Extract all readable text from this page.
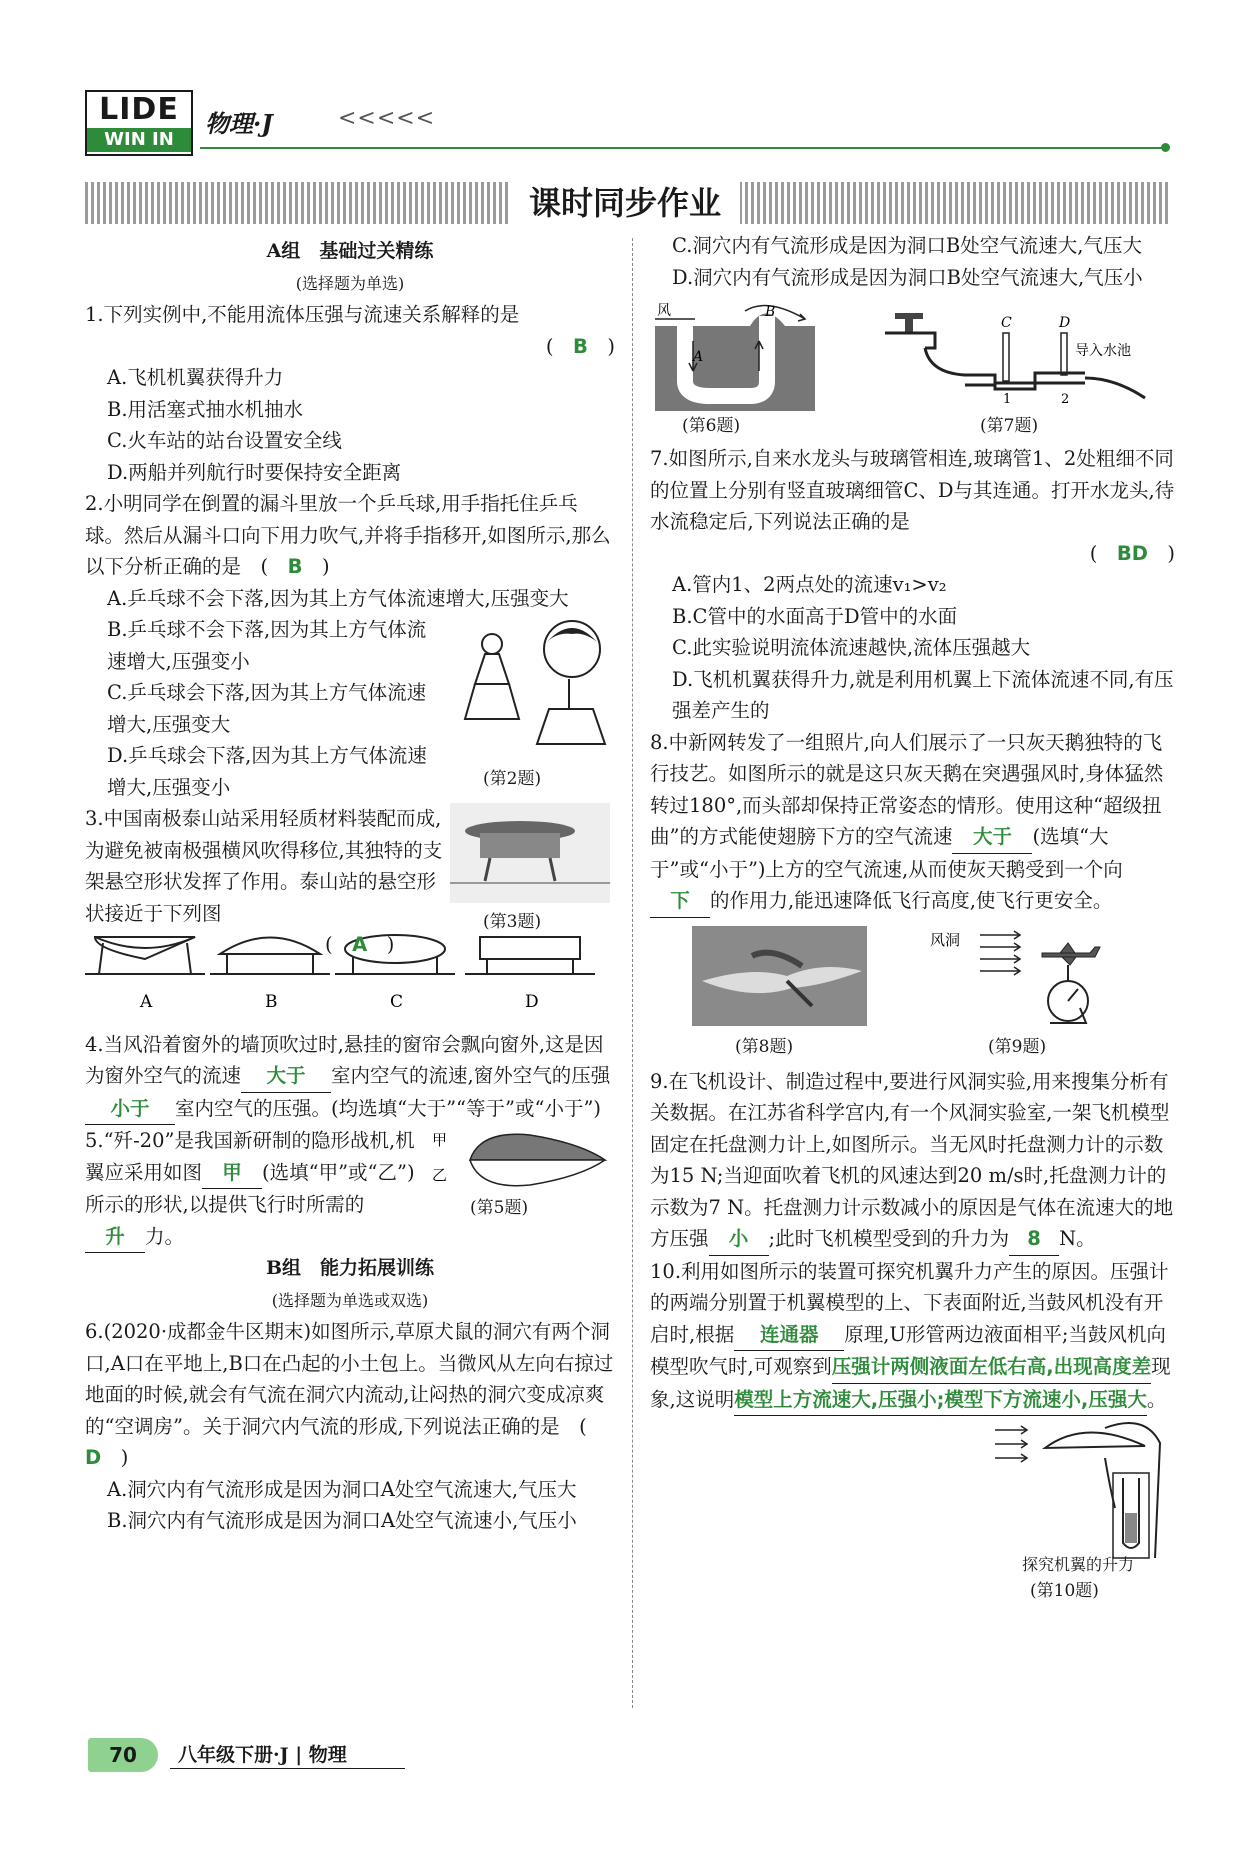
LIDE
WIN IN
物理·J	<<<<<
课时同步作业

A组　基础过关精练

(选择题为单选)

1.下列实例中,不能用流体压强与流速关系解释的是

(　B　)

A.飞机机翼获得升力

B.用活塞式抽水机抽水

C.火车站的站台设置安全线

D.两船并列航行时要保持安全距离

2.小明同学在倒置的漏斗里放一个乒乓球,用手指托住乒乓球。然后从漏斗口向下用力吹气,并将手指移开,如图所示,那么以下分析正确的是　(　B　)

A.乒乓球不会下落,因为其上方气体流速增大,压强变大

B.乒乓球不会下落,因为其上方气体流速增大,压强变小

C.乒乓球会下落,因为其上方气体流速增大,压强变大

D.乒乓球会下落,因为其上方气体流速增大,压强变小	(第2题)

3.中国南极泰山站采用轻质材料装配而成,为避免被南极强横风吹得移位,其独特的支架悬空形状发挥了作用。泰山站的悬空形状接近于下列图

(　A　)

(第3题)

A	B	C	D

4.当风沿着窗外的墙顶吹过时,悬挂的窗帘会飘向窗外,这是因为窗外空气的流速 大于 室内空气的流速,窗外空气的压强小于 室内空气的压强。(均选填“大于”“等于”或“小于”)

5.“歼-20”是我国新研制的隐形战机,机翼应采用如图 甲 (选填“甲”或“乙”)所示的形状,以提供飞行时所需的升 力。

甲
乙

(第5题)

B组　能力拓展训练

(选择题为单选或双选)

6.(2020·成都金牛区期末)如图所示,草原犬鼠的洞穴有两个洞口,A口在平地上,B口在凸起的小土包上。当微风从左向右掠过地面的时候,就会有气流在洞穴内流动,让闷热的洞穴变成凉爽的“空调房”。关于洞穴内气流的形成,下列说法正确的是　(　D　)

A.洞穴内有气流形成是因为洞口A处空气流速大,气压大

B.洞穴内有气流形成是因为洞口A处空气流速小,气压小

C.洞穴内有气流形成是因为洞口B处空气流速大,气压大

D.洞穴内有气流形成是因为洞口B处空气流速大,气压小

风
A
B

(第6题)

C	D
1	2
导入水池

(第7题)

7.如图所示,自来水龙头与玻璃管相连,玻璃管1、2处粗细不同的位置上分别有竖直玻璃细管C、D与其连通。打开水龙头,待水流稳定后,下列说法正确的是

(　BD　)

A.管内1、2两点处的流速v₁>v₂

B.C管中的水面高于D管中的水面

C.此实验说明流体流速越快,流体压强越大

D.飞机机翼获得升力,就是利用机翼上下流体流速不同,有压强差产生的

8.中新网转发了一组照片,向人们展示了一只灰天鹅独特的飞行技艺。如图所示的就是这只灰天鹅在突遇强风时,身体猛然转过180°,而头部却保持正常姿态的情形。使用这种“超级扭曲”的方式能使翅膀下方的空气流速 大于 (选填“大于”或“小于”)上方的空气流速,从而使灰天鹅受到一个向下 的作用力,能迅速降低飞行高度,使飞行更安全。

(第8题)

风洞

(第9题)

9.在飞机设计、制造过程中,要进行风洞实验,用来搜集分析有关数据。在江苏省科学宫内,有一个风洞实验室,一架飞机模型固定在托盘测力计上,如图所示。当无风时托盘测力计的示数为15 N;当迎面吹着飞机的风速达到20 m/s时,托盘测力计的示数为7 N。托盘测力计示数减小的原因是气体在流速大的地方压强 小 ;此时飞机模型受到的升力为 8 N。

10.利用如图所示的装置可探究机翼升力产生的原因。压强计的两端分别置于机翼模型的上、下表面附近,当鼓风机没有开启时,根据 连通器 原理,U形管两边液面相平;当鼓风机向模型吹气时,可观察到压强计两侧液面左低右高,出现高度差现象,这说明模型上方流速大,压强小;模型下方流速小,压强大。

探究机翼的升力
(第10题)
70	八年级下册·J | 物理
